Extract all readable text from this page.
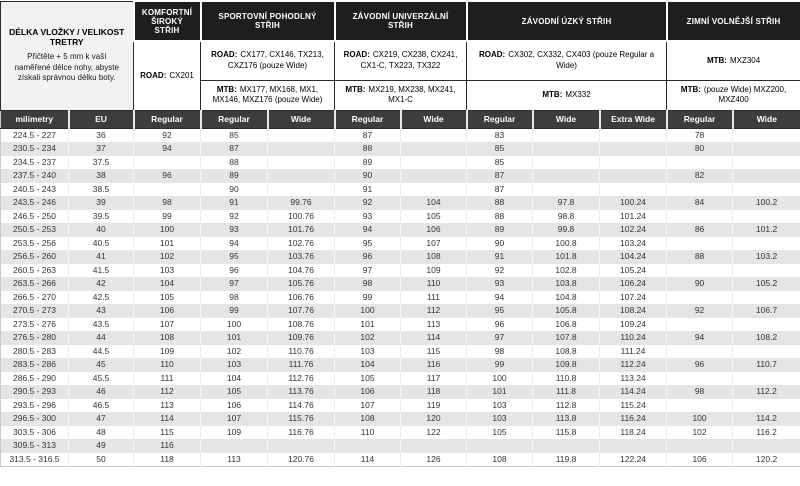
DÉLKA VLOŽKY / VELIKOST TRETRY
Přičtěte + 5 mm k vaší naměřené délce nohy, abyste získali správnou délku boty.		KOMFORTNÍ ŠIROKÝ STŘIH	SPORTOVNÍ POHODLNÝ STŘIH		ZÁVODNÍ UNIVERZÁLNÍ STŘIH		ZÁVODNÍ ÚZKÝ STŘIH			ZIMNÍ VOLNĚJŠÍ STŘIH	
		ROAD: CX201	ROAD: CX177, CX146, TX213, CXZ176 (pouze Wide)		ROAD: CX219, CX238, CX241, CX1-C, TX223, TX322		ROAD: CX302, CX332, CX403 (pouze Regular a Wide)			MTB: MXZ304	
			MTB: MX177, MX168, MX1, MX146, MXZ176 (pouze Wide)		MTB: MX219, MX238, MX241, MX1-C		MTB: MX332			MTB: (pouze Wide) MXZ200, MXZ400	
milimetry	EU	Regular	Regular	Wide	Regular	Wide	Regular	Wide	Extra Wide	Regular	Wide
224.5 - 227	36	92	85		87		83			78	
230.5 - 234	37	94	87		88		85			80	
234.5 - 237	37.5		88		89		85				
237.5 - 240	38	96	89		90		87			82	
240.5 - 243	38.5		90		91		87				
243.5 - 246	39	98	91	99.76	92	104	88	97.8	100.24	84	100.2
246.5 - 250	39.5	99	92	100.76	93	105	88	98.8	101.24		
250.5 - 253	40	100	93	101.76	94	106	89	99.8	102.24	86	101.2
253.5 - 256	40.5	101	94	102.76	95	107	90	100.8	103.24		
256.5 - 260	41	102	95	103.76	96	108	91	101.8	104.24	88	103.2
260.5 - 263	41.5	103	96	104.76	97	109	92	102.8	105.24		
263.5 - 266	42	104	97	105.76	98	110	93	103.8	106.24	90	105.2
266.5 - 270	42.5	105	98	106.76	99	111	94	104.8	107.24		
270.5 - 273	43	106	99	107.76	100	112	95	105.8	108.24	92	106.7
273.5 - 276	43.5	107	100	108.76	101	113	96	106.8	109.24		
276.5 - 280	44	108	101	109.76	102	114	97	107.8	110.24	94	108.2
280.5 - 283	44.5	109	102	110.76	103	115	98	108.8	111.24		
283.5 - 286	45	110	103	111.76	104	116	99	109.8	112.24	96	110.7
286.5 - 290	45.5	111	104	112.76	105	117	100	110.8	113.24		
290.5 - 293	46	112	105	113.76	106	118	101	111.8	114.24	98	112.2
293.5 - 296	46.5	113	106	114.76	107	119	103	112.8	115.24		
296.5 - 300	47	114	107	115.76	108	120	103	113.8	116.24	100	114.2
303.5 - 306	48	115	109	116.76	110	122	105	115.8	118.24	102	116.2
309.5 - 313	49	116									
313.5 - 316.5	50	118	113	120.76	114	126	108	119.8	122.24	106	120.2
